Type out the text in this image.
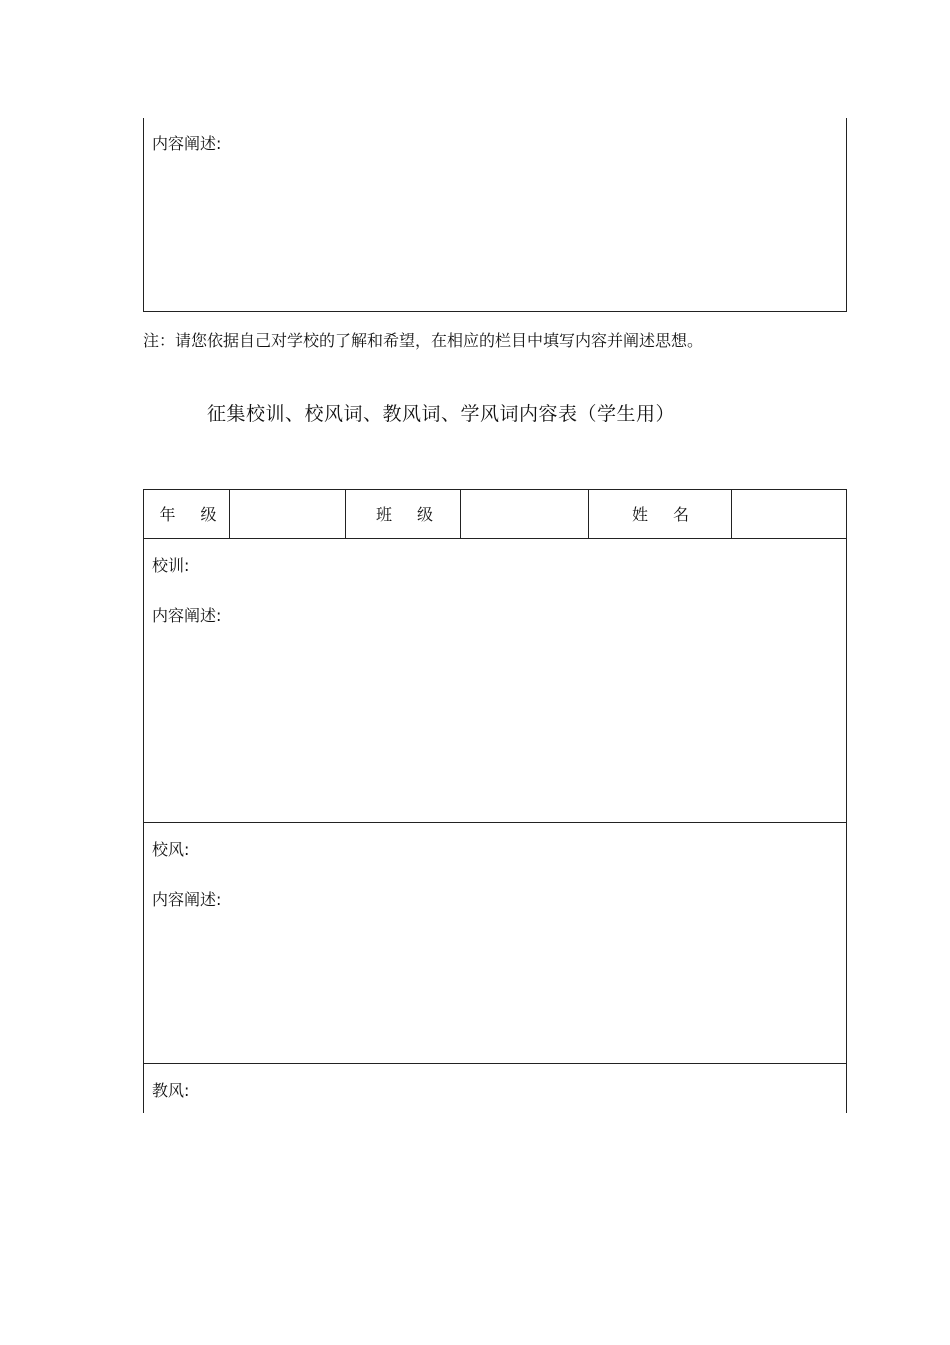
内容阐述:
注：请您依据自己对学校的了解和希望，在相应的栏目中填写内容并阐述思想。
征集校训、校风词、教风词、学风词内容表（学生用）
年 级	班 级	姓 名
校训:
内容阐述:
校风:
内容阐述:
教风:
